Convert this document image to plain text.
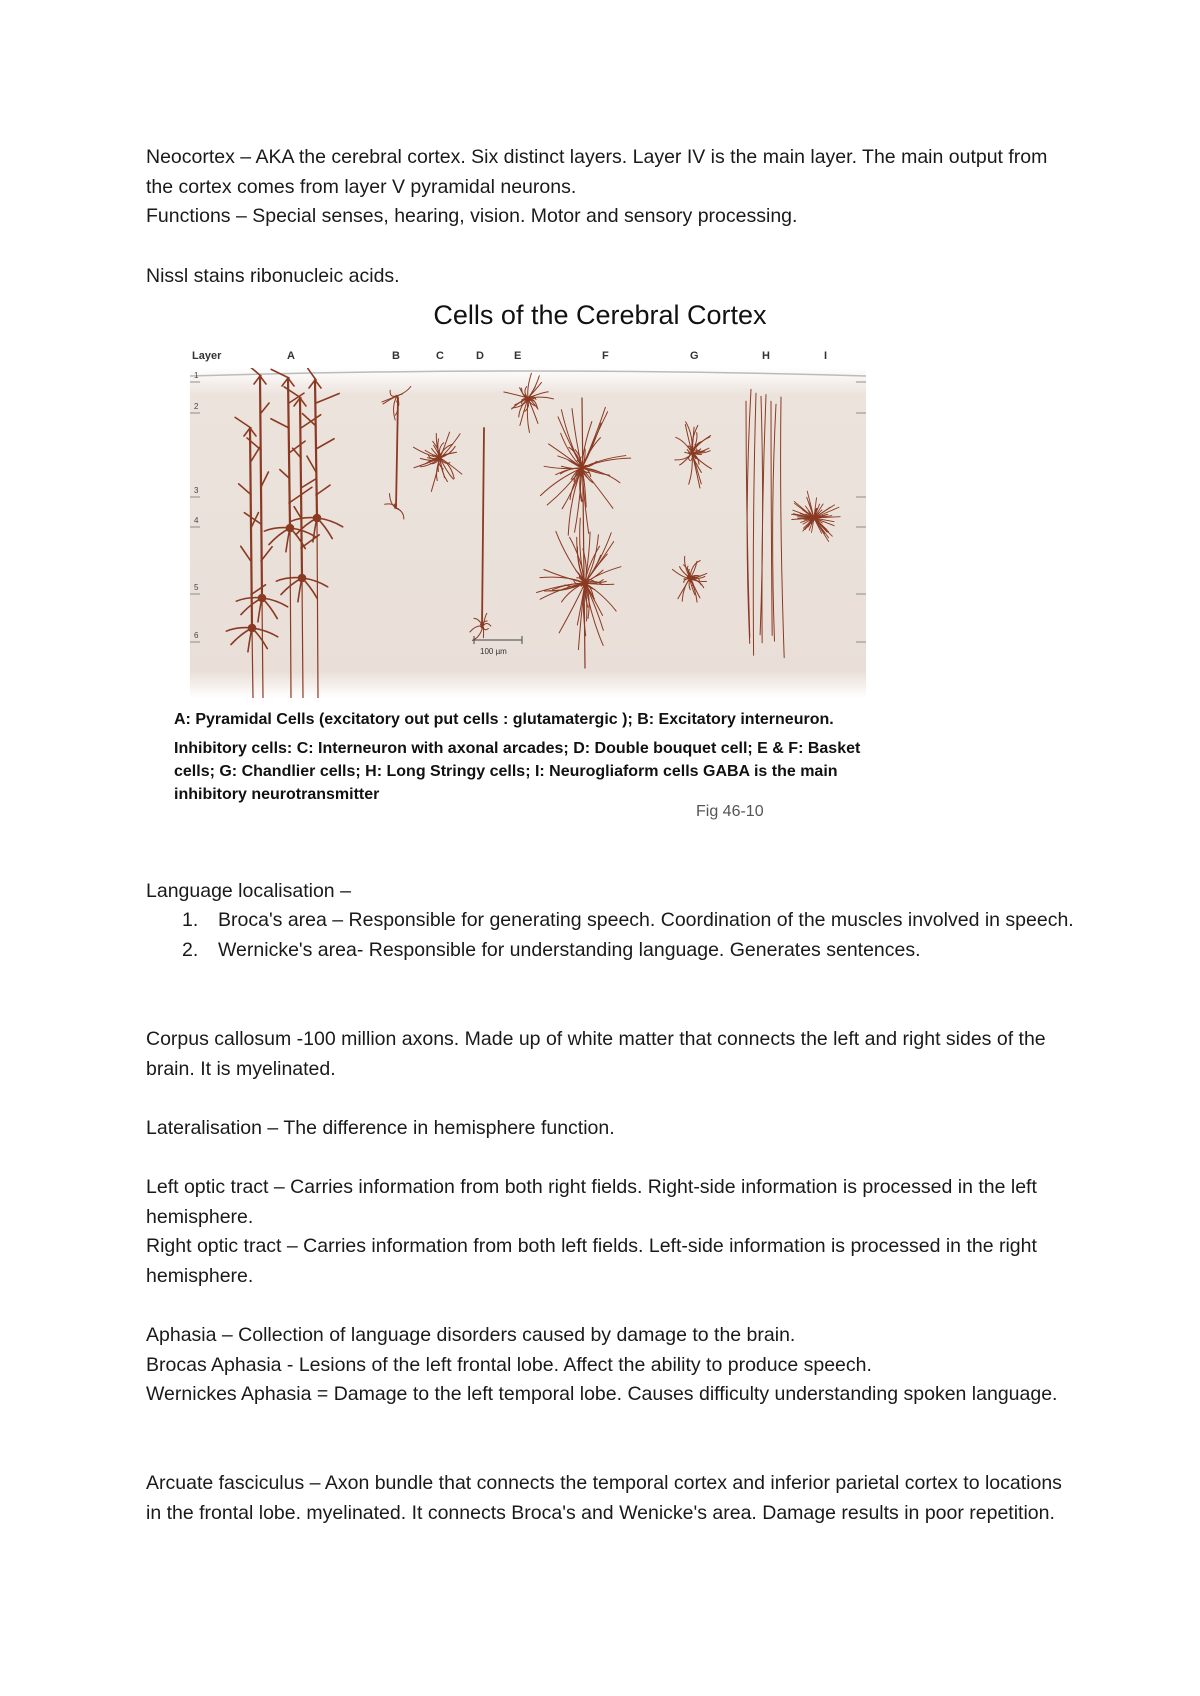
Neocortex – AKA the cerebral cortex. Six distinct layers. Layer IV is the main layer. The main output from the cortex comes from layer V pyramidal neurons.

Functions – Special senses, hearing, vision. Motor and sensory processing.

Nissl stains ribonucleic acids.

Cells of the Cerebral Cortex
Layer	A	B	C	D	E	F	G	H	I
1
2
3
4
5
6
100 µm

A: Pyramidal Cells (excitatory out put cells : glutamatergic ); B: Excitatory interneuron.

Inhibitory cells: C: Interneuron with axonal arcades; D: Double bouquet cell; E & F: Basket cells; G: Chandlier cells; H: Long Stringy cells; I: Neurogliaform cells GABA is the main inhibitory neurotransmitter

Fig 46-10

Language localisation –

1. Broca's area – Responsible for generating speech. Coordination of the muscles involved in speech.
2. Wernicke's area- Responsible for understanding language. Generates sentences.

Corpus callosum -100 million axons. Made up of white matter that connects the left and right sides of the brain. It is myelinated.

Lateralisation – The difference in hemisphere function.

Left optic tract – Carries information from both right fields. Right-side information is processed in the left hemisphere.

Right optic tract – Carries information from both left fields. Left-side information is processed in the right hemisphere.

Aphasia – Collection of language disorders caused by damage to the brain.

Brocas Aphasia - Lesions of the left frontal lobe. Affect the ability to produce speech.

Wernickes Aphasia = Damage to the left temporal lobe. Causes difficulty understanding spoken language.

Arcuate fasciculus – Axon bundle that connects the temporal cortex and inferior parietal cortex to locations in the frontal lobe. myelinated. It connects Broca's and Wenicke's area. Damage results in poor repetition.
